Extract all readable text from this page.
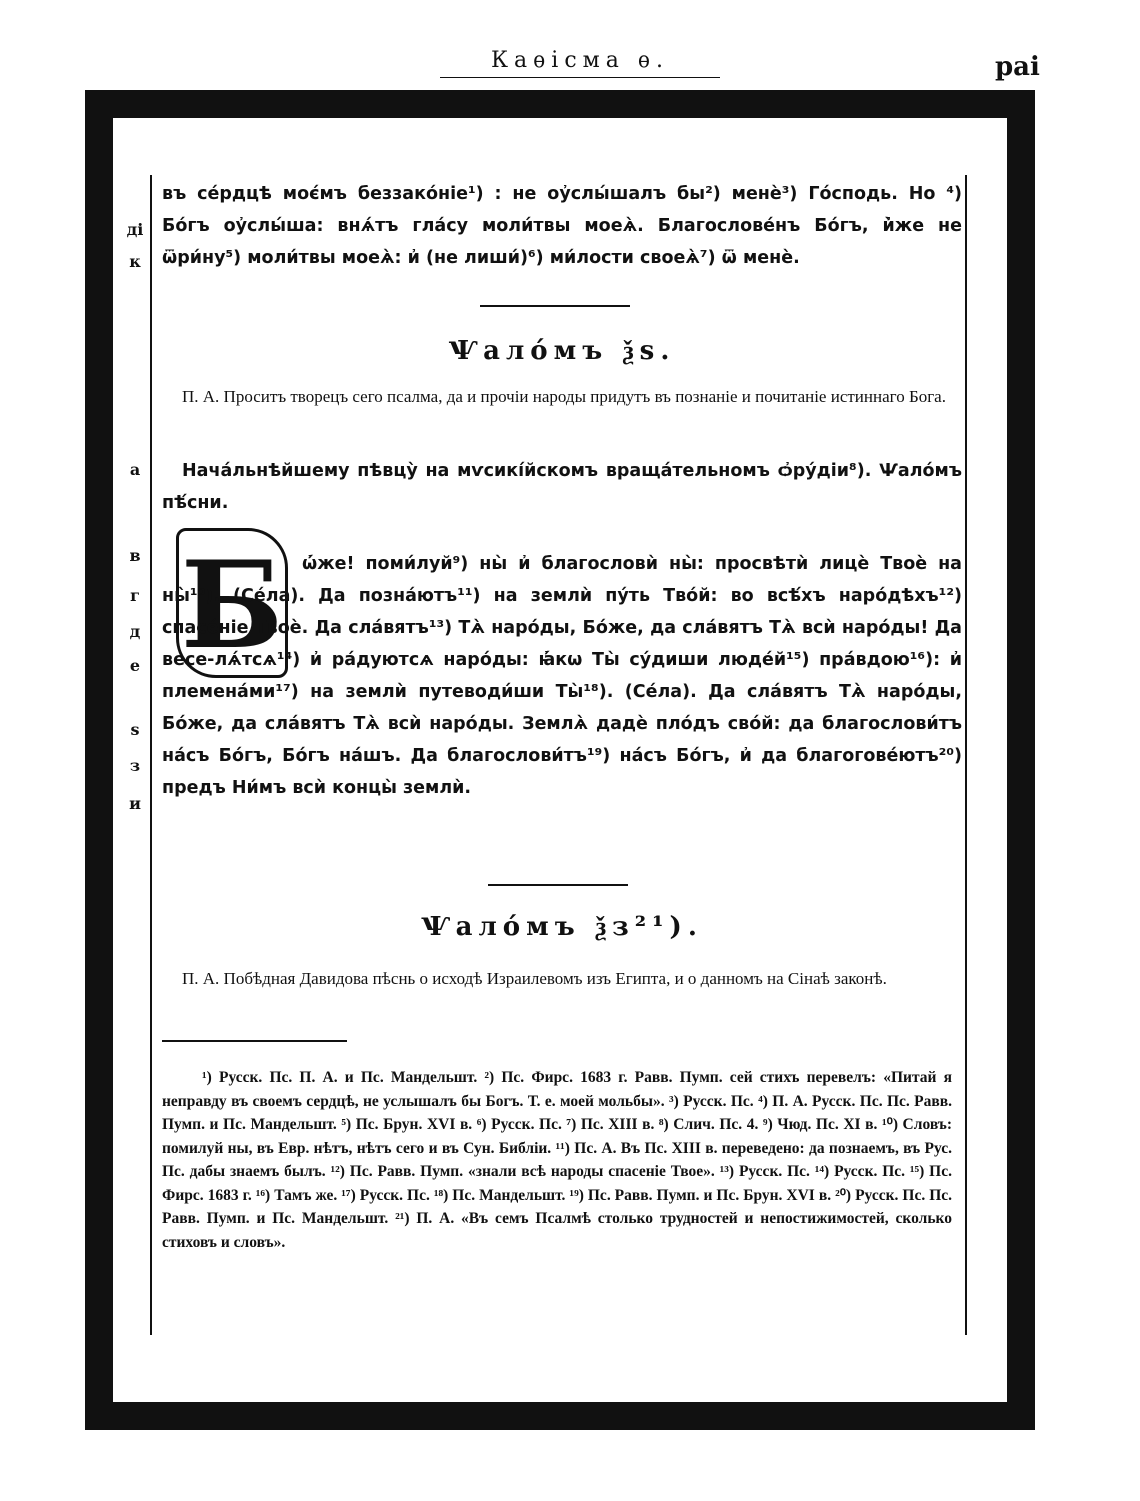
Каѳісма ѳ.	раі
ді
к
а
в
г
д
е
ѕ
з
и
въ се́рдцѣ моє́мъ беззако́ніе¹) : не оу҆слы́шалъ бы²) менѐ³) Го́сподь. Но ⁴) Бо́гъ оу҆слы́ша: внѧ́тъ гла́су моли́твы моеѧ̀. Благослове́нъ Бо́гъ, и҆̀же не ѿри́ну⁵) моли́твы моеѧ̀: и҆ (не лиши́)⁶) ми́лости своеѧ̀⁷) ѿ менѐ.
Ѱало́мъ ѯѕ.
П. А. Проситъ творецъ сего псалма, да и прочіи народы придутъ въ познаніе и почитаніе истиннаго Бога.
Нача́льнѣйшему пѣвцу̀ на мѵсикі́йскомъ враща́тельномъ ѻ҆ру́діи⁸). Ѱало́мъ пѣ́сни.
Б	ѡ҆́же! поми́луй⁹) ны̀ и҆ благословѝ ны̀: просвѣтѝ лицѐ Твоѐ на ны̀¹⁰). (Се́ла). Да позна́ютъ¹¹) на землѝ пу́ть Тво́й: во всѣ́хъ наро́дѣхъ¹²) спасе́ніе Твоѐ. Да сла́вятъ¹³) Тѧ̀ наро́ды, Бо́же, да сла́вятъ Тѧ̀ всѝ наро́ды! Да весе-лѧ́тсѧ¹⁴) и҆ ра́дуютсѧ наро́ды: ꙗ҆́кѡ Ты̀ су́диши люде́й¹⁵) пра́вдою¹⁶): и҆ племена́ми¹⁷) на землѝ путеводи́ши Ты̀¹⁸). (Се́ла). Да сла́вятъ Тѧ̀ наро́ды, Бо́же, да сла́вятъ Тѧ̀ всѝ наро́ды. Землѧ̀ дадѐ пло́дъ сво́й: да благослови́тъ на́съ Бо́гъ, Бо́гъ на́шъ. Да благослови́тъ¹⁹) на́съ Бо́гъ, и҆ да благогове́ютъ²⁰) предъ Ни́мъ всѝ концы̀ землѝ.
Ѱало́мъ ѯз²¹).
П. А. Побѣдная Давидова пѣснь о исходѣ Израилевомъ изъ Египта, и о данномъ на Сінаѣ законѣ.
¹) Русск. Пс. П. А. и Пс. Мандельшт. ²) Пс. Фирс. 1683 г. Равв. Пумп. сей стихъ перевелъ: «Питай я неправду въ своемъ сердцѣ, не услышалъ бы Богъ. Т. е. моей мольбы». ³) Русск. Пс. ⁴) П. А. Русск. Пс. Пс. Равв. Пумп. и Пс. Мандельшт. ⁵) Пс. Брун. XVI в. ⁶) Русск. Пс. ⁷) Пс. XIII в. ⁸) Слич. Пс. 4. ⁹) Чюд. Пс. XI в. ¹⁰) Словъ: помилуй ны, въ Евр. нѣтъ, нѣтъ сего и въ Сун. Библіи. ¹¹) Пс. А. Въ Пс. XIII в. переведено: да познаемъ, въ Рус. Пс. дабы знаемъ былъ. ¹²) Пс. Равв. Пумп. «знали всѣ народы спасеніе Твое». ¹³) Русск. Пс. ¹⁴) Русск. Пс. ¹⁵) Пс. Фирс. 1683 г. ¹⁶) Тамъ же. ¹⁷) Русск. Пс. ¹⁸) Пс. Мандельшт. ¹⁹) Пс. Равв. Пумп. и Пс. Брун. XVI в. ²⁰) Русск. Пс. Пс. Равв. Пумп. и Пс. Мандельшт. ²¹) П. А. «Въ семъ Псалмѣ столько трудностей и непостижимостей, сколько стиховъ и словъ».
